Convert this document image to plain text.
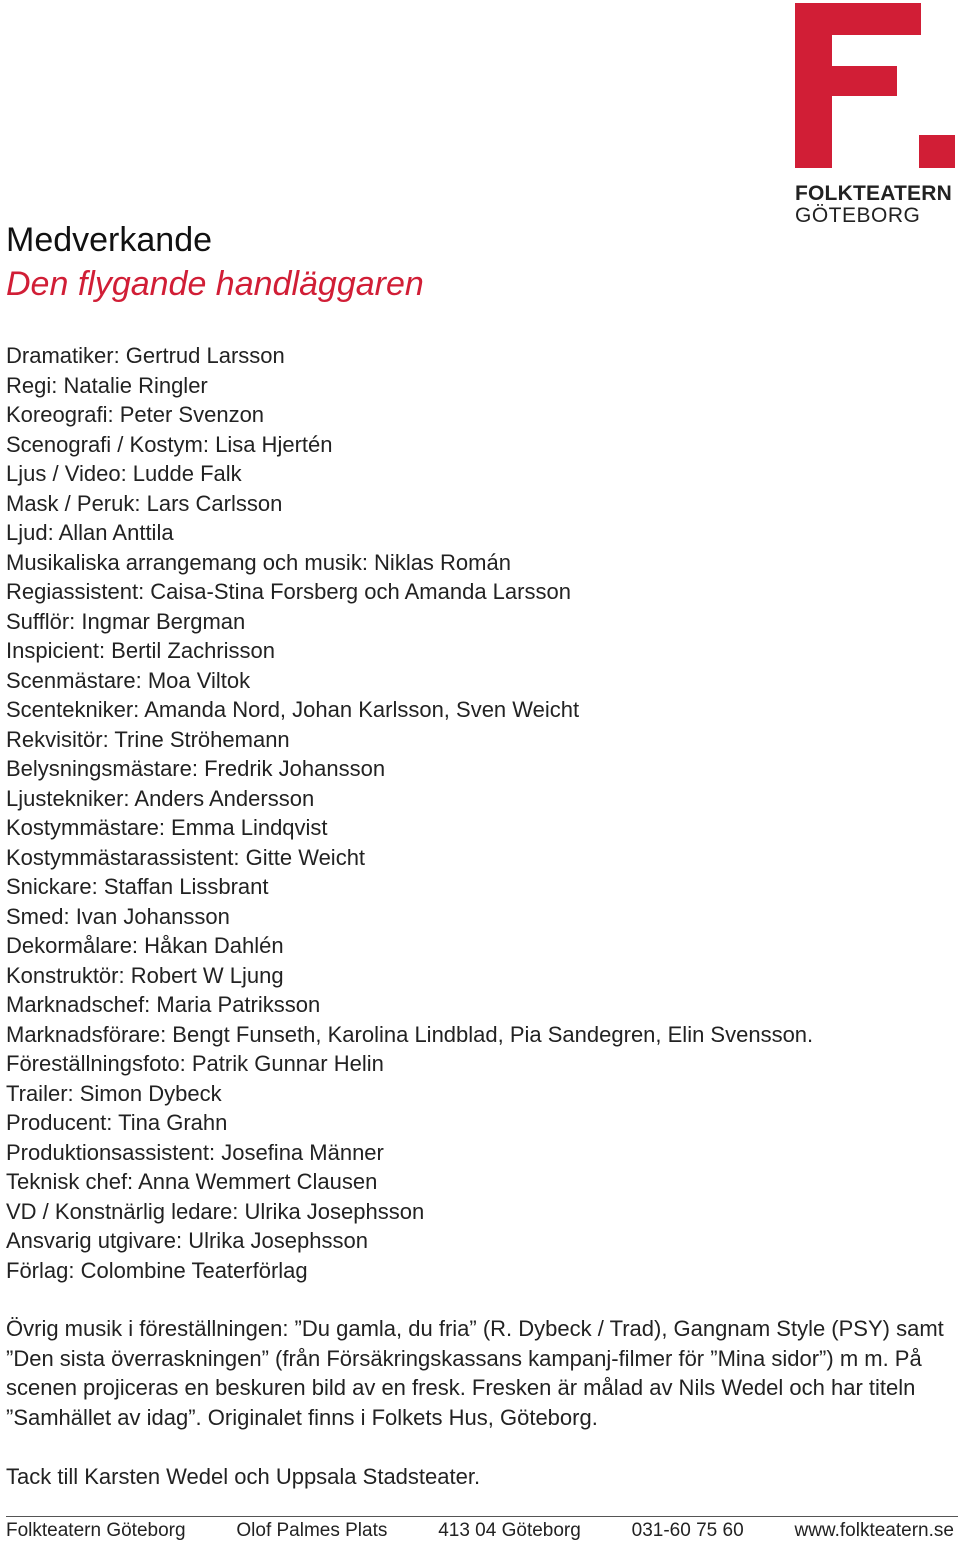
FOLKTEATERN
GÖTEBORG
Medverkande
Den flygande handläggaren
Dramatiker: Gertrud Larsson
Regi: Natalie Ringler
Koreografi: Peter Svenzon
Scenografi / Kostym: Lisa Hjertén
Ljus / Video: Ludde Falk
Mask / Peruk: Lars Carlsson
Ljud: Allan Anttila
Musikaliska arrangemang och musik: Niklas Román
Regiassistent: Caisa-Stina Forsberg och Amanda Larsson
Sufflör: Ingmar Bergman
Inspicient: Bertil Zachrisson
Scenmästare: Moa Viltok
Scentekniker: Amanda Nord, Johan Karlsson, Sven Weicht
Rekvisitör: Trine Ströhemann
Belysningsmästare: Fredrik Johansson
Ljustekniker: Anders Andersson
Kostymmästare: Emma Lindqvist
Kostymmästarassistent: Gitte Weicht
Snickare: Staffan Lissbrant
Smed: Ivan Johansson
Dekormålare: Håkan Dahlén
Konstruktör: Robert W Ljung
Marknadschef: Maria Patriksson
Marknadsförare: Bengt Funseth, Karolina Lindblad, Pia Sandegren, Elin Svensson.
Föreställningsfoto: Patrik Gunnar Helin
Trailer: Simon Dybeck
Producent: Tina Grahn
Produktionsassistent: Josefina Männer
Teknisk chef: Anna Wemmert Clausen
VD / Konstnärlig ledare: Ulrika Josephsson
Ansvarig utgivare: Ulrika Josephsson
Förlag: Colombine Teaterförlag

Övrig musik i föreställningen: ”Du gamla, du fria” (R. Dybeck / Trad), Gangnam Style (PSY) samt ”Den sista överraskningen” (från Försäkringskassans kampanj-filmer för ”Mina sidor”) m m. På scenen projiceras en beskuren bild av en fresk. Fresken är målad av Nils Wedel och har titeln ”Samhället av idag”. Originalet finns i Folkets Hus, Göteborg.

Tack till Karsten Wedel och Uppsala Stadsteater.

Folkteatern Göteborg	Olof Palmes Plats	413 04 Göteborg	031-60 75 60	www.folkteatern.se
